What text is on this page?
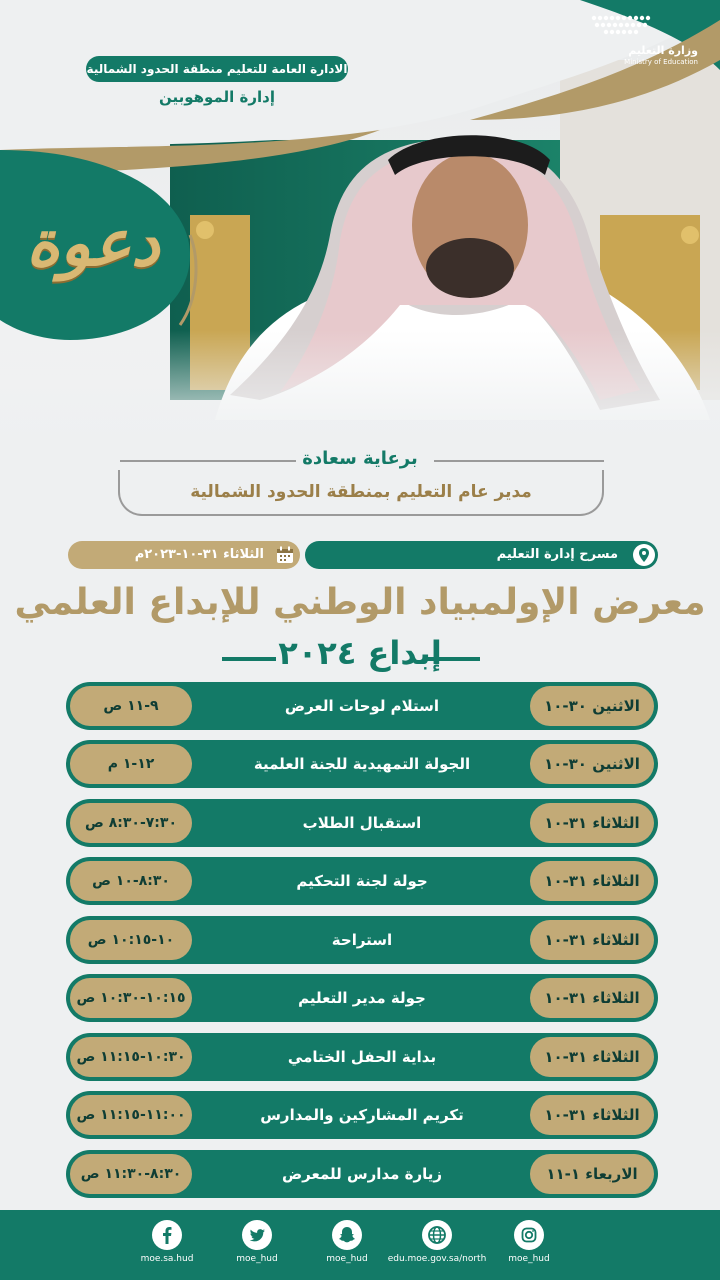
وزارة التعليم
Ministry of Education
الادارة العامة للتعليم منطقة الحدود الشمالية
إدارة الموهوبين
دعوة
برعاية سعادة
مدير عام التعليم بمنطقة الحدود الشمالية
مسرح إدارة التعليم
الثلاثاء ٣١-١٠-٢٠٢٣م
معرض الإولمبياد الوطني للإبداع العلمي
إبداع ٢٠٢٤
الاثنين ٣٠-١٠
استلام لوحات العرض
٩-١١ ص
الاثنين ٣٠-١٠
الجولة التمهيدية للجنة العلمية
١٢-١ م
الثلاثاء ٣١-١٠
استقبال الطلاب
٧:٣٠-٨:٣٠ ص
الثلاثاء ٣١-١٠
جولة لجنة التحكيم
٨:٣٠-١٠ ص
الثلاثاء ٣١-١٠
استراحة
١٠-١٠:١٥ ص
الثلاثاء ٣١-١٠
جولة مدير التعليم
١٠:١٥-١٠:٣٠ ص
الثلاثاء ٣١-١٠
بداية الحفل الختامي
١٠:٣٠-١١:١٥ ص
الثلاثاء ٣١-١٠
تكريم المشاركين والمدارس
١١:٠٠-١١:١٥ ص
الاربعاء ١-١١
زيارة مدارس للمعرض
٨:٣٠-١١:٣٠ ص
moe.sa.hud	moe_hud	moe_hud	edu.moe.gov.sa/north	moe_hud
